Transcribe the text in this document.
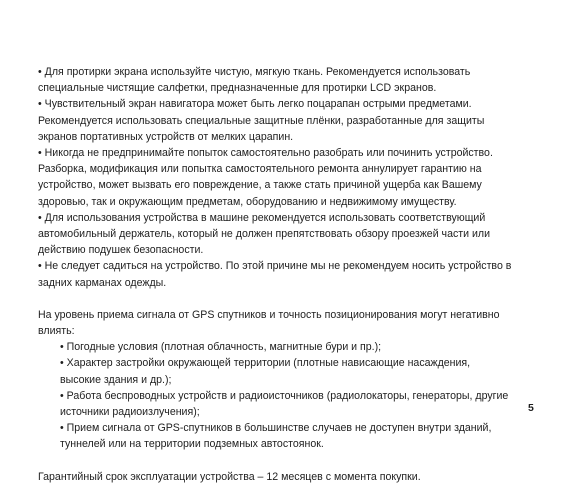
• Для протирки экрана используйте чистую, мягкую ткань. Рекомендуется использовать
специальные чистящие салфетки, предназначенные для протирки LCD экранов.

• Чувствительный экран навигатора может быть легко поцарапан острыми предметами.
Рекомендуется использовать специальные защитные плёнки, разработанные для защиты
экранов портативных устройств от мелких царапин.

• Никогда не предпринимайте попыток самостоятельно разобрать или починить устройство.
Разборка, модификация или попытка самостоятельного ремонта аннулирует гарантию на
устройство, может вызвать его повреждение, а также стать причиной ущерба как Вашему
здоровью, так и окружающим предметам, оборудованию и недвижимому имуществу.

• Для использования устройства в машине рекомендуется использовать соответствующий
автомобильный держатель, который не должен препятствовать обзору проезжей части или
действию подушек безопасности.

• Не следует садиться на устройство. По этой причине мы не рекомендуем носить устройство в
задних карманах одежды.

На уровень приема сигнала от GPS спутников и точность позиционирования могут негативно влиять:

• Погодные условия (плотная облачность, магнитные бури и пр.);

• Характер застройки окружающей территории (плотные нависающие насаждения,
высокие здания и др.);

• Работа беспроводных устройств и радиоисточников (радиолокаторы, генераторы, другие
источники радиоизлучения);

• Прием сигнала от GPS-спутников в большинстве случаев не доступен внутри зданий,
туннелей или на территории подземных автостоянок.

Гарантийный срок эксплуатации устройства – 12 месяцев с момента покупки.

5
